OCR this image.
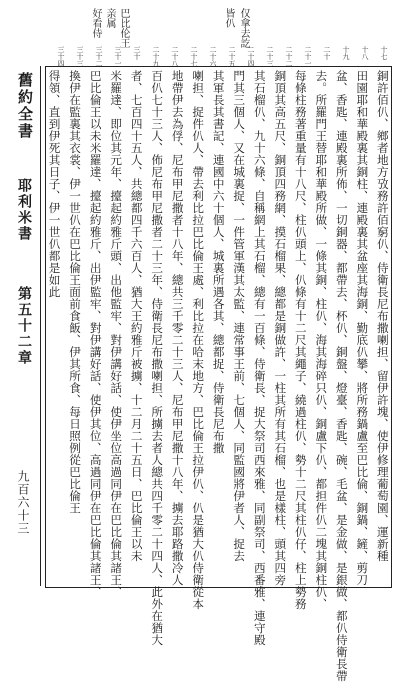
仅拿去訖
皆仈
巴比伦王
亲属
好看侍
十七
十八
十九
二十
二十一
二十二
二十三
二十四
二十五
二十六
二十七
二十八
二十九
三十
三十一
三十二
三十三
三十四
舊約全書
耶利米書
第五十二章
九百六十三	銅許佰仈、鄉者地方攷務許佰窮仈、侍衛長尼布撒喇担、留伊許塊、使伊修理葡萄園、運新種
田園耶和華殿裏其銅柱、連殿裏其盆座其海銅、勤底仈攀、將所務鍋盧至巴比倫、銅鍋、鏟、剪刀
盆、香匙、連殿裏所佈、一切銅器、都帶去、杯仈、銅盤、燈臺、香匙、碗、毛盆、是金做、是銀做、都仈侍衛長帶
去。所羅門王替耶和華殿所做、一條其銅、柱仈、海其海碎只仈、銅盧下仈、都担件仈二塊其銅柱仈、
每條柱務著重量有十八尺、柱仈頭上、仈條有十二尺其繩子、繞過柱仈、勢十二尺其柱仈仔、柱上勢務
銅頂其高五尺、銅頂四務網、摸石榴果、總都是銅做許、一柱其所有其石榴、也是樣柱、頭其四旁
其石榴仈、九十六條、自稱網上其石榴、總有一百條、侍衛長、捉大祭司西來雅、同副祭司、西番雅、連守殿
門其三個人、又在城裏捉、一件管軍漢其太監、連常事王前、七個人、同監國將伊者人、捉去
其軍長其書記、連國中六十個人、城裏所遇各其、總都捉、侍衛長尼布撒
喇担、捉件仈人、帶去利比拉巴比倫王處、利比拉在哈末地方、巴比倫王拉伊仈、仈是猶大仈侍衛從本
地帶伊去為俘、尼布甲尼撒者十八年、總共三千零二十三人、尼布甲尼撒十八年、擄去耶路撒冷人
百仈七十三人、佈尼布甲尼撒者二十三年、侍衛長尼布撒喇担、所擄去者人總共四千零二十四人、此外在猶大
者、七百四十五人、共總都四千六百人、猶大王約雅斤被擄、十二月二十五日、巴比倫王以未
米羅達、即位其元年、擡起約雅斤頭、出他監牢、對伊講好話、使伊坐位高過同伊在巴比倫其諸王、
巴比倫王以未米羅達、擡起約雅斤、出伊監牢、對伊講好話、使伊其位、高過同伊在巴比倫其諸王、
換伊在監裏其衣裳、伊一世仈在巴比倫王面前食飯、伊其所食、每日照例從巴比倫王
得領、直到伊死其日子、伊一世仈都是如此
